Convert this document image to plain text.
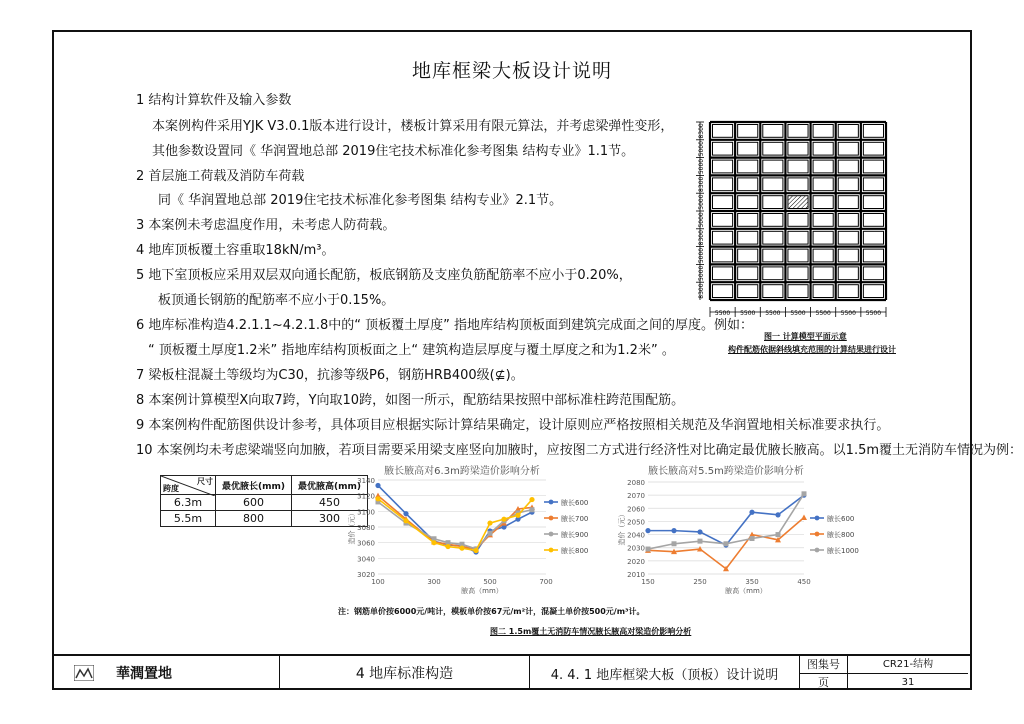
地库框梁大板设计说明
1 结构计算软件及输入参数
本案例构件采用YJK V3.0.1版本进行设计，楼板计算采用有限元算法，并考虑梁弹性变形，
其他参数设置同《 华润置地总部 2019住宅技术标准化参考图集 结构专业》1.1节。
2 首层施工荷载及消防车荷载
同《 华润置地总部 2019住宅技术标准化参考图集 结构专业》2.1节。
3 本案例未考虑温度作用，未考虑人防荷载。
4 地库顶板覆土容重取18kN/m³。
5 地下室顶板应采用双层双向通长配筋，板底钢筋及支座负筋配筋率不应小于0.20%，
板顶通长钢筋的配筋率不应小于0.15%。
6 地库标准构造4.2.1.1~4.2.1.8中的“ 顶板覆土厚度” 指地库结构顶板面到建筑完成面之间的厚度。例如：
“ 顶板覆土厚度1.2米” 指地库结构顶板面之上“ 建筑构造层厚度与覆土厚度之和为1.2米” 。
7 梁板柱混凝土等级均为C30，抗渗等级P6，钢筋HRB400级(⊈)。
8 本案例计算模型X向取7跨，Y向取10跨，如图一所示，配筋结果按照中部标准柱跨范围配筋。
9 本案例构件配筋图供设计参考，具体项目应根据实际计算结果确定，设计原则应严格按照相关规范及华润置地相关标准要求执行。
10 本案例均未考虑梁端竖向加腋，若项目需要采用梁支座竖向加腋时，应按图二方式进行经济性对比确定最优腋长腋高。以1.5m覆土无消防车情况为例：
5500 5500 5500 5500 5500 5500 5500
8300
5000
5000
8300
5000
5000
8300
5000
5000
8300
图一 计算模型平面示意
构件配筋依据斜线填充范围的计算结果进行设计
尺寸
跨度	最优腋长(mm)	最优腋高(mm)
6.3m	600	450
5.5m	800	300
腋长腋高对6.3m跨梁造价影响分析
3020
3040
3060
3080
3100
3120
3140
100	300	500	700
腋高（mm）
造价（元）
腋长600
腋长700
腋长900
腋长800
腋长腋高对5.5m跨梁造价影响分析
2010
2020
2030
2040
2050
2060
2070
2080
150	250	350	450
腋高（mm）
造价（元）	腋长600
腋长800
腋长1000
注：钢筋单价按6000元/吨计，模板单价按67元/m²计，混凝土单价按500元/m³计。
图二 1.5m覆土无消防车情况腋长腋高对梁造价影响分析
華潤置地	4 地库标准构造	4. 4. 1 地库框梁大板（顶板）设计说明
图集号
页
CR21-结构
31
